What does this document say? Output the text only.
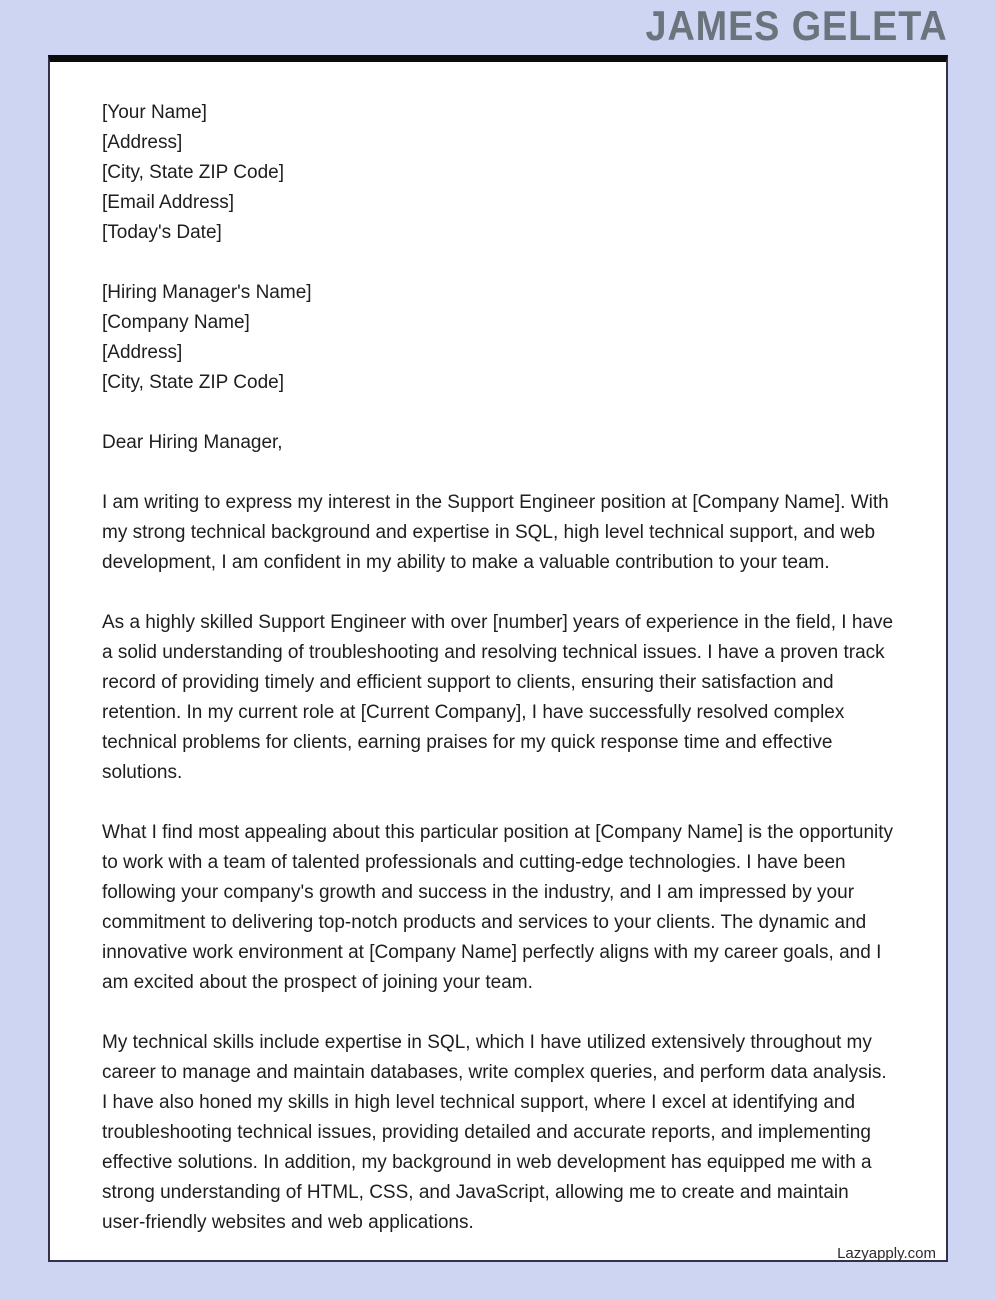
JAMES GELETA
[Your Name]
[Address]
[City, State ZIP Code]
[Email Address]
[Today's Date]
[Hiring Manager's Name]
[Company Name]
[Address]
[City, State ZIP Code]

Dear Hiring Manager,

I am writing to express my interest in the Support Engineer position at [Company Name]. With my strong technical background and expertise in SQL, high level technical support, and web development, I am confident in my ability to make a valuable contribution to your team.

As a highly skilled Support Engineer with over [number] years of experience in the field, I have a solid understanding of troubleshooting and resolving technical issues. I have a proven track record of providing timely and efficient support to clients, ensuring their satisfaction and retention. In my current role at [Current Company], I have successfully resolved complex technical problems for clients, earning praises for my quick response time and effective solutions.

What I find most appealing about this particular position at [Company Name] is the opportunity to work with a team of talented professionals and cutting-edge technologies. I have been following your company's growth and success in the industry, and I am impressed by your commitment to delivering top-notch products and services to your clients. The dynamic and innovative work environment at [Company Name] perfectly aligns with my career goals, and I am excited about the prospect of joining your team.

My technical skills include expertise in SQL, which I have utilized extensively throughout my career to manage and maintain databases, write complex queries, and perform data analysis. I have also honed my skills in high level technical support, where I excel at identifying and troubleshooting technical issues, providing detailed and accurate reports, and implementing effective solutions. In addition, my background in web development has equipped me with a strong understanding of HTML, CSS, and JavaScript, allowing me to create and maintain user-friendly websites and web applications.

Lazyapply.com
